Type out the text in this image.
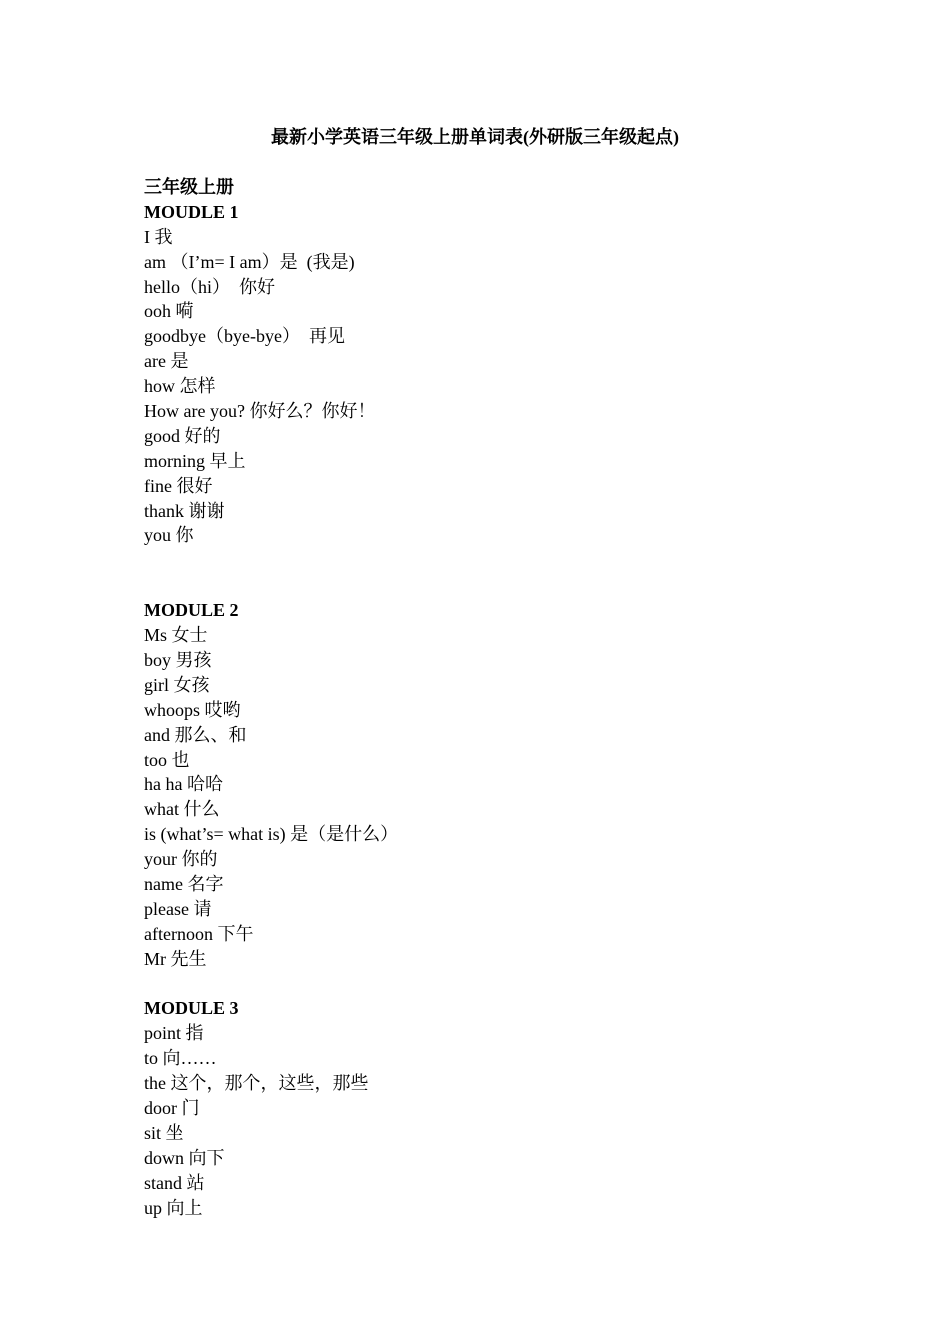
最新小学英语三年级上册单词表(外研版三年级起点)
三年级上册
MOUDLE 1
I 我
am （I’m= I am）是  (我是)
hello（hi）  你好
ooh 嗬
goodbye（bye-bye）  再见
are 是
how 怎样
How are you? 你好么？你好！
good 好的
morning 早上
fine 很好
thank 谢谢
you 你
MODULE 2
Ms 女士
boy 男孩
girl 女孩
whoops 哎哟
and 那么、和
too 也
ha ha 哈哈
what 什么
is (what’s= what is) 是（是什么）
your 你的
name 名字
please 请
afternoon 下午
Mr 先生
MODULE 3
point 指
to 向……
the 这个，那个，这些，那些
door 门
sit 坐
down 向下
stand 站
up 向上
